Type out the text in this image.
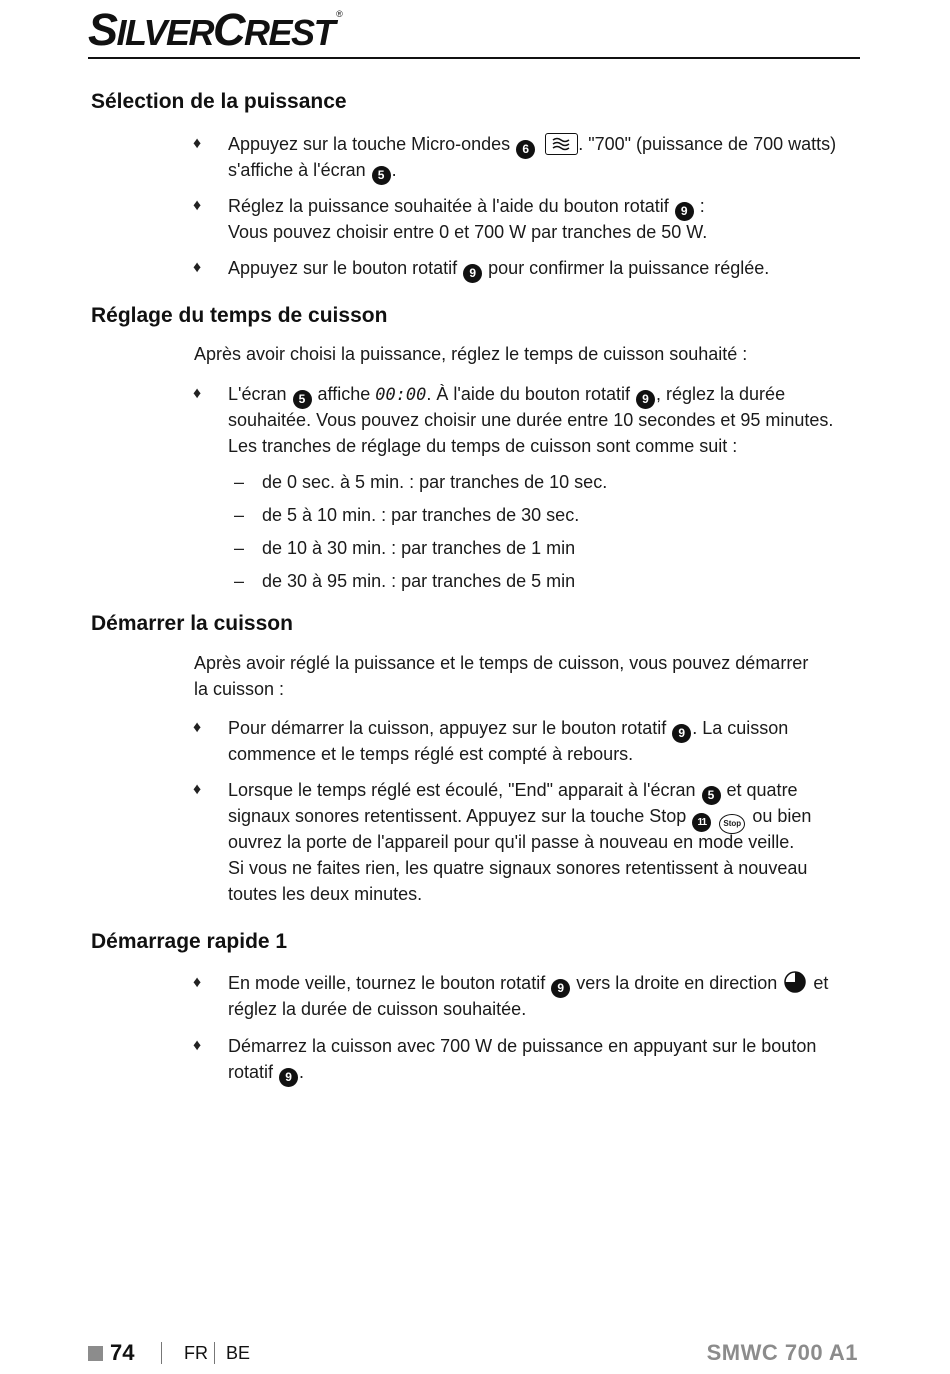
SILVERCREST ®
Sélection de la puissance
♦ Appuyez sur la touche Micro-ondes 6	. "700" (puissance de 700 watts)
s'affiche à l'écran 5 .
♦ Réglez la puissance souhaitée à l'aide du bouton rotatif 9 :
Vous pouvez choisir entre 0 et 700 W par tranches de 50 W.
♦ Appuyez sur le bouton rotatif 9 pour confirmer la puissance réglée.
Réglage du temps de cuisson
Après avoir choisi la puissance, réglez le temps de cuisson souhaité :
♦ L'écran 5 affiche 00:00. À l'aide du bouton rotatif 9 , réglez la durée
souhaitée. Vous pouvez choisir une durée entre 10 secondes et 95 minutes.
Les tranches de réglage du temps de cuisson sont comme suit :
– de 0 sec. à 5 min. : par tranches de 10 sec.
– de 5 à 10 min. : par tranches de 30 sec.
– de 10 à 30 min. : par tranches de 1 min
– de 30 à 95 min. : par tranches de 5 min
Démarrer la cuisson
Après avoir réglé la puissance et le temps de cuisson, vous pouvez démarrer
la cuisson :
♦ Pour démarrer la cuisson, appuyez sur le bouton rotatif 9 . La cuisson
commence et le temps réglé est compté à rebours.
♦ Lorsque le temps réglé est écoulé, "End" apparait à l'écran 5 et quatre
signaux sonores retentissent. Appuyez sur la touche Stop 11 Stop ou bien
ouvrez la porte de l'appareil pour qu'il passe à nouveau en mode veille.
Si vous ne faites rien, les quatre signaux sonores retentissent à nouveau
toutes les deux minutes.
Démarrage rapide 1
♦ En mode veille, tournez le bouton rotatif 9 vers la droite en direction  et
réglez la durée de cuisson souhaitée.
♦ Démarrez la cuisson avec 700 W de puissance en appuyant sur le bouton
rotatif 9 .
74	FR BE	SMWC 700 A1
